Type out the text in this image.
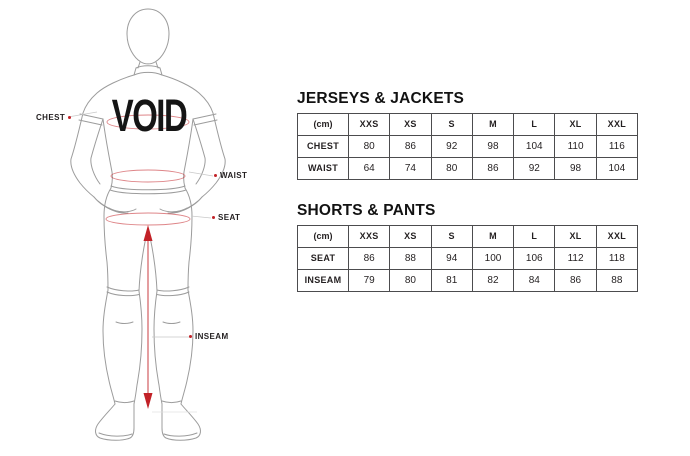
VOID
CHEST
WAIST
SEAT
INSEAM
JERSEYS & JACKETS
(cm)	XXS	XS	S	M	L	XL	XXL
CHEST	80	86	92	98	104	110	116
WAIST	64	74	80	86	92	98	104
SHORTS & PANTS
(cm)	XXS	XS	S	M	L	XL	XXL
SEAT	86	88	94	100	106	112	118
INSEAM	79	80	81	82	84	86	88
